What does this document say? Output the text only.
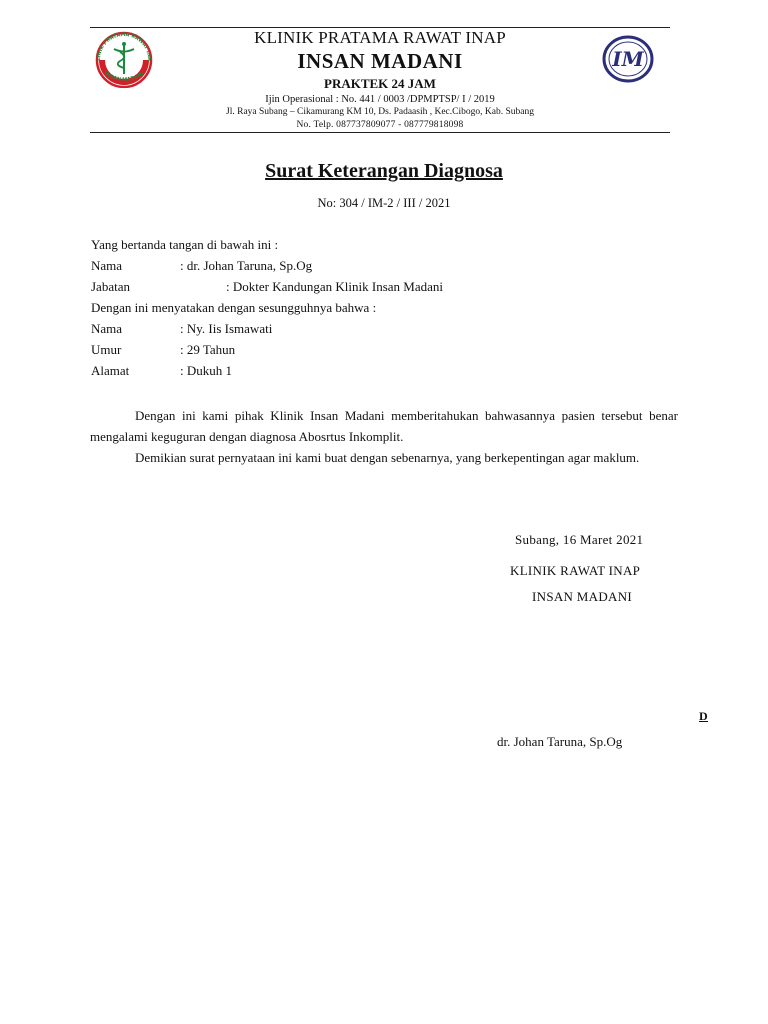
LINIK PRATAMA RAWAT INA
INSAN MADANI
IM
KLINIK PRATAMA RAWAT INAP
INSAN MADANI
PRAKTEK 24 JAM
Ijin Operasional : No. 441 / 0003 /DPMPTSP/ I / 2019
Jl. Raya Subang – Cikamurang KM 10, Ds. Padaasih , Kec.Cibogo, Kab. Subang
No. Telp. 087737809077 - 087779818098
Surat Keterangan Diagnosa
No: 304 / IM-2 / III / 2021
Yang bertanda tangan di bawah ini :
Nama	: dr. Johan Taruna, Sp.Og
Jabatan	: Dokter Kandungan Klinik Insan Madani
Dengan ini menyatakan dengan sesungguhnya bahwa :
Nama	: Ny. Iis Ismawati
Umur	: 29 Tahun
Alamat	: Dukuh 1
Dengan ini kami pihak Klinik Insan Madani memberitahukan bahwasannya pasien tersebut benar mengalami keguguran dengan diagnosa Abosrtus Inkomplit.
Demikian surat pernyataan ini kami buat dengan sebenarnya, yang berkepentingan agar maklum.
Subang, 16 Maret 2021
KLINIK RAWAT INAP
INSAN MADANI
D
dr. Johan Taruna, Sp.Og
